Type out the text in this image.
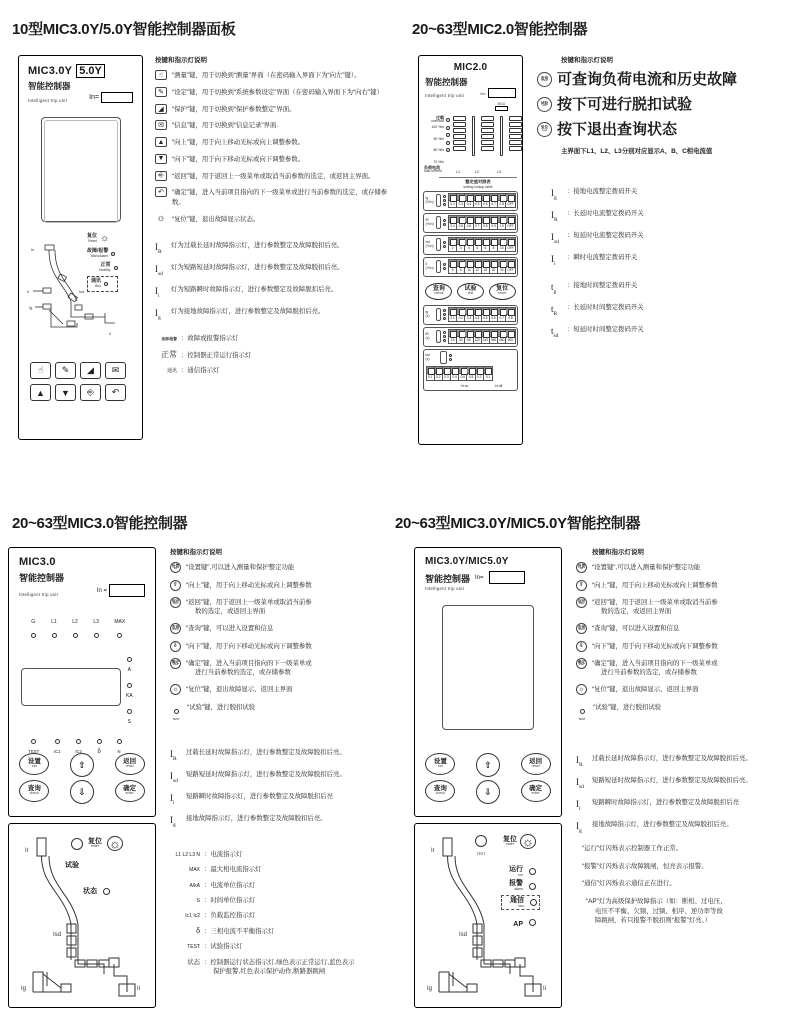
10型MIC3.0Y/5.0Y智能控制器面板
MIC3.0Y 5.0Y
智能控制器
Intelligent trip unit	In=
复位
Reset ☼
故障/报警
Warn/Alarm
正常
Healthy
通讯
Bus
In
Ir
Ig
Isd
Ii
☝	✎	◢	✉
▲	▼	⎆	↶
按键和指示灯说明
☝	“测量”键，用于切换到“测量”界面（在密码输入界面下为“向左”键）。
✎	“设定”键，用于切换到“系统参数设定”界面（在密码输入界面下为“向右”键）
◢	“保护”键，用于切换到“保护参数整定”界面。
✉	“信息”键，用于切换到“信息记录”界面.
▲	“向上”键，用于向上移动光标或向上调整参数。
▼	“向下”键，用于向下移动光标或向下调整参数。
⎆	“返回”键，用于返回上一级菜单或取消当前参数的选定，或返回主界面。
↶	“确定”键，进入当前项目指向的下一级菜单或进行当前参数的选定，或存储参数。
☼ “复位”键，退出故障显示状态。
$I_R$
灯为过载长延时故障指示灯，进行参数整定及故障脱扣后亮。
$I_{sd}$
灯为短路短延时故障指示灯，进行参数整定及故障脱扣后亮。
$I_i$
灯为短路瞬时故障指示灯，进行参数整定及故障脱扣后亮。
$I_g$
灯为接地故障指示灯，进行参数整定及故障脱扣后亮。
故障/报警 ：故障或报警指示灯
正常 ：控制器正常运行指示灯
通讯 ：通信指示灯
20~63型MIC2.0智能控制器
MIC2.0
智能控制器
Intelligent trip unit	In=
MCU
过载
overload
100 %In
90 %In
80 %In
70 %In
负荷电流
load current	L1	L2	L3
整定值对照表
setting lookup table
Ig
(%In)
0.2	0.3	0.4	0.5	0.6	0.7	0.8	OFF
IR
(%In)
0.4	0.5	0.6	0.7	0.8	0.9	1.0	OFF
Isd
(%In)
2	3	4	5	6	8	10	OFF
Ii
(%In)
5	8	10	12	15	20	30	OFF
查询
check
试验
test
复位
reset
tg
(s)
0.1	0.2	0.3	0.4	0.5	0.6	0.7	0.8
tR
(s)
15	30	60	120 240 360 480	600
tsd
(s)
0.1	0.2	0.3	0.4	0.6	0.5	0.2	0.1
I²t on	I²t off
按键和指示灯说明
查询
check 可查询负荷电流和历史故障
试验
test 按下可进行脱扣试验
复位
reset 按下退出查询状态
主界面下L1、L2、L3分别对应显示A、B、C相电流值
$I_g$
：接地电流整定拨码开关
$I_R$
：长延时电流整定拨码开关
$I_{sd}$
：短延时电流整定拨码开关
$I_i$
：瞬时电流整定拨码开关
$t_g$
：接地时间整定拨码开关
$t_R$
：长延时时间整定拨码开关
$t_{sd}$
：短延时时间整定拨码开关
20~63型MIC3.0智能控制器
MIC3.0
智能控制器
Intelligent trip unit
In =
G	L1	L2	L3	MAX
A
KA
S
TEST	IC1	IC2	δ	N
设置
set	⇧	返回
reset
查询
check	⇩	确定
enter
复位
enter ☼
试验
状态
Ir
Isd
Ig	Ii
按键和指示灯说明
设置
set “设置键”,可以进入测量和保护整定功能
⇧ “向上”键，用于向上移动光标或向上调整参数
返回
reset “返回”键，用于返回上一级菜单或取消当前参
数的选定，或返回主界面
查询
check “查询”键，可以进入设置和信息
⇩ “向下”键，用于向下移动光标或向下调整参数
确定
enter “确定”键，进入当前项目指向的下一级菜单或
进行当前参数的选定，或存储参数
☼ “复位”键，退出故障显示、返回主界面
TEST
“试验”键，进行脱扣试验
$I_R$
过载长延时故障指示灯，进行参数整定及故障脱扣后亮。
$I_{sd}$
短路短延时故障指示灯，进行参数整定及故障脱扣后亮。
$I_i$
短路瞬时故障指示灯，进行参数整定及故障脱扣后亮
$I_g$
接地故障指示灯，进行参数整定及故障脱扣后亮。
L1 L2 L3 N ：电流指示灯
MAX ：最大相电流指示灯
A/kA ：电流单位指示灯
S ：时间单位指示灯
Ic1 Ic2 ：负载监控指示灯
δ ：三相电流不平衡指示灯
TEST ：试验指示灯
状态 ：控制器运行状态指示灯,绿色表示正常运行,蓝色表示
保护报警,红色表示保护动作,断路器跳闸
20~63型MIC3.0Y/MIC5.0Y智能控制器
MIC3.0Y/MIC5.0Y
智能控制器 In=
Intelligent trip unit
设置
set	⇧	返回
reset
查询
check	⇩	确定
enter
TEST
复位
enter ☼
运行
run
报警
alarm
通信
bus
AP
Ir
Isd
Ig	Ii
按键和指示灯说明
设置
set “设置键”,可以进入测量和保护整定功能
⇧ “向上”键，用于向上移动光标或向上调整参数
返回
reset “返回”键，用于返回上一级菜单或取消当前参
数的选定，或返回主界面
查询
check “查询”键，可以进入设置和信息
⇩ “向下”键，用于向下移动光标或向下调整参数
确定
enter “确定”键，进入当前项目指向的下一级菜单或
进行当前参数的选定，或存储参数
☼ “复位”键，退出故障显示、返回主界面
TEST
“试验”键，进行脱扣试验
$I_R$
过载长延时故障指示灯，进行参数整定及故障脱扣后亮。
$I_{sd}$
短路短延时故障指示灯，进行参数整定及故障脱扣后亮。
$I_i$
短路瞬时故障指示灯，进行参数整定及故障脱扣后亮
$I_g$
接地故障指示灯，进行参数整定及故障脱扣后亮。
“运行”灯闪烁表示控制器工作正常。
“报警”灯闪烁表示故障跳闸，恒亮表示报警。
“通信”灯闪烁表示通信正在进行。
“AP”灯为高级保护故障指示（如：断相、过电压、
电压不平衡、欠频、过频、相序、逆功率等故
障跳闸，若只报警不脱扣则“报警”灯亮。）
